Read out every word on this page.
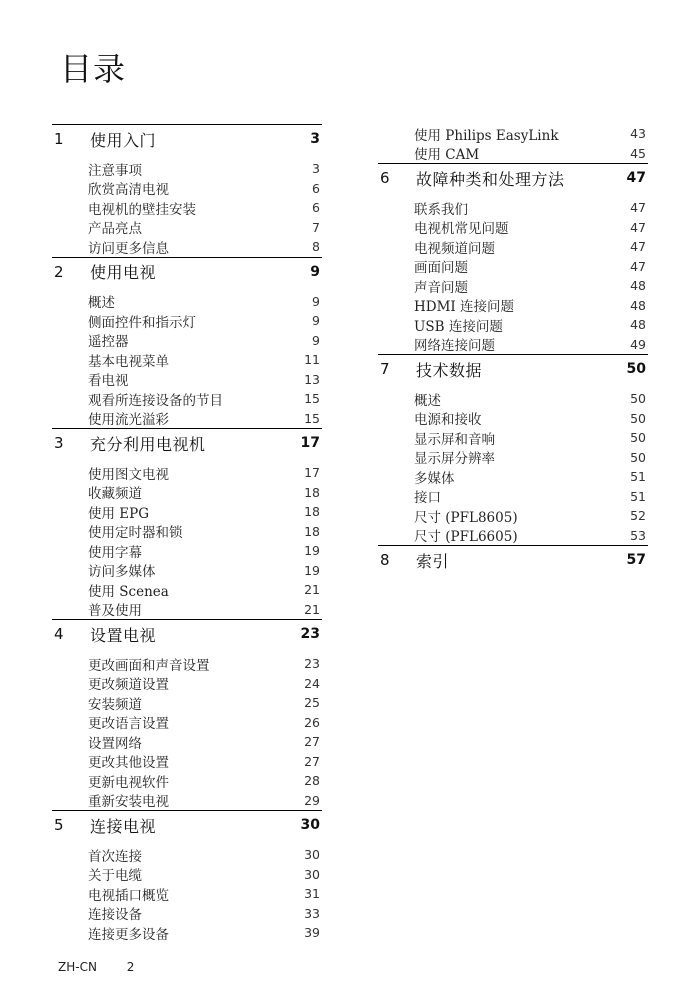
目录
1	使用入门	3
注意事项	3
欣赏高清电视	6
电视机的壁挂安装	6
产品亮点	7
访问更多信息	8
2	使用电视	9
概述	9
侧面控件和指示灯	9
遥控器	9
基本电视菜单	11
看电视	13
观看所连接设备的节目	15
使用流光溢彩	15
3	充分利用电视机	17
使用图文电视	17
收藏频道	18
使用 EPG	18
使用定时器和锁	18
使用字幕	19
访问多媒体	19
使用 Scenea	21
普及使用	21
4	设置电视	23
更改画面和声音设置	23
更改频道设置	24
安装频道	25
更改语言设置	26
设置网络	27
更改其他设置	27
更新电视软件	28
重新安装电视	29
5	连接电视	30
首次连接	30
关于电缆	30
电视插口概览	31
连接设备	33
连接更多设备	39
使用 Philips EasyLink	43
使用 CAM	45
6	故障种类和处理方法	47
联系我们	47
电视机常见问题	47
电视频道问题	47
画面问题	47
声音问题	48
HDMI 连接问题	48
USB 连接问题	48
网络连接问题	49
7	技术数据	50
概述	50
电源和接收	50
显示屏和音响	50
显示屏分辨率	50
多媒体	51
接口	51
尺寸 (PFL8605)	52
尺寸 (PFL6605)	53
8	索引	57
ZH-CN 2
